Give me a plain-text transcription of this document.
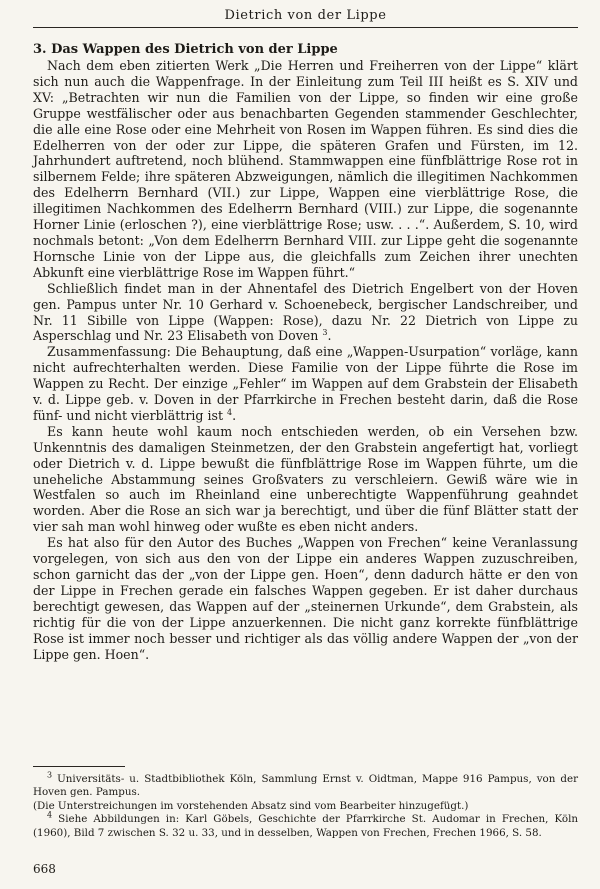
Dietrich von der Lippe

3. Das Wappen des Dietrich von der Lippe

Nach dem eben zitierten Werk „Die Herren und Freiherren von der Lippe“ klärt sich nun auch die Wappenfrage. In der Einleitung zum Teil III heißt es S. XIV und XV: „Betrachten wir nun die Familien von der Lippe, so finden wir eine große Gruppe westfälischer oder aus benachbarten Gegenden stammender Geschlechter, die alle eine Rose oder eine Mehrheit von Rosen im Wappen führen. Es sind dies die Edelherren von der oder zur Lippe, die späteren Grafen und Fürsten, im 12. Jahrhundert auftretend, noch blühend. Stammwappen eine fünfblättrige Rose rot in silbernem Felde; ihre späteren Abzweigungen, nämlich die illegitimen Nachkommen des Edelherrn Bernhard (VII.) zur Lippe, Wappen eine vierblättrige Rose, die illegitimen Nachkommen des Edelherrn Bernhard (VIII.) zur Lippe, die sogenannte Horner Linie (erloschen ?), eine vierblättrige Rose; usw. . . .“. Außerdem, S. 10, wird nochmals betont: „Von dem Edelherrn Bernhard VIII. zur Lippe geht die sogenannte Hornsche Linie von der Lippe aus, die gleichfalls zum Zeichen ihrer unechten Abkunft eine vierblättrige Rose im Wappen führt.“

Schließlich findet man in der Ahnentafel des Dietrich Engelbert von der Hoven gen. Pampus unter Nr. 10 Gerhard v. Schoenebeck, bergischer Landschreiber, und Nr. 11 Sibille von Lippe (Wappen: Rose), dazu Nr. 22 Dietrich von Lippe zu Asperschlag und Nr. 23 Elisabeth von Doven $^3$.

Zusammenfassung: Die Behauptung, daß eine „Wappen-Usurpation“ vorläge, kann nicht aufrechterhalten werden. Diese Familie von der Lippe führte die Rose im Wappen zu Recht. Der einzige „Fehler“ im Wappen auf dem Grabstein der Elisabeth v. d. Lippe geb. v. Doven in der Pfarrkirche in Frechen besteht darin, daß die Rose fünf- und nicht vierblättrig ist $^4$.

Es kann heute wohl kaum noch entschieden werden, ob ein Versehen bzw. Unkenntnis des damaligen Steinmetzen, der den Grabstein angefertigt hat, vorliegt oder Dietrich v. d. Lippe bewußt die fünfblättrige Rose im Wappen führte, um die uneheliche Abstammung seines Großvaters zu verschleiern. Gewiß wäre wie in Westfalen so auch im Rheinland eine unberechtigte Wappenführung geahndet worden. Aber die Rose an sich war ja berechtigt, und über die fünf Blätter statt der vier sah man wohl hinweg oder wußte es eben nicht anders.

Es hat also für den Autor des Buches „Wappen von Frechen“ keine Veranlassung vorgelegen, von sich aus den von der Lippe ein anderes Wappen zuzuschreiben, schon garnicht das der „von der Lippe gen. Hoen“, denn dadurch hätte er den von der Lippe in Frechen gerade ein falsches Wappen gegeben. Er ist daher durchaus berechtigt gewesen, das Wappen auf der „steinernen Urkunde“, dem Grabstein, als richtig für die von der Lippe anzuerkennen. Die nicht ganz korrekte fünfblättrige Rose ist immer noch besser und richtiger als das völlig andere Wappen der „von der Lippe gen. Hoen“.

$^3$ Universitäts- u. Stadtbibliothek Köln, Sammlung Ernst v. Oidtman, Mappe 916 Pampus, von der Hoven gen. Pampus.

(Die Unterstreichungen im vorstehenden Absatz sind vom Bearbeiter hinzugefügt.)

$^4$ Siehe Abbildungen in: Karl Göbels, Geschichte der Pfarrkirche St. Audomar in Frechen, Köln (1960), Bild 7 zwischen S. 32 u. 33, und in desselben, Wappen von Frechen, Frechen 1966, S. 58.

668
